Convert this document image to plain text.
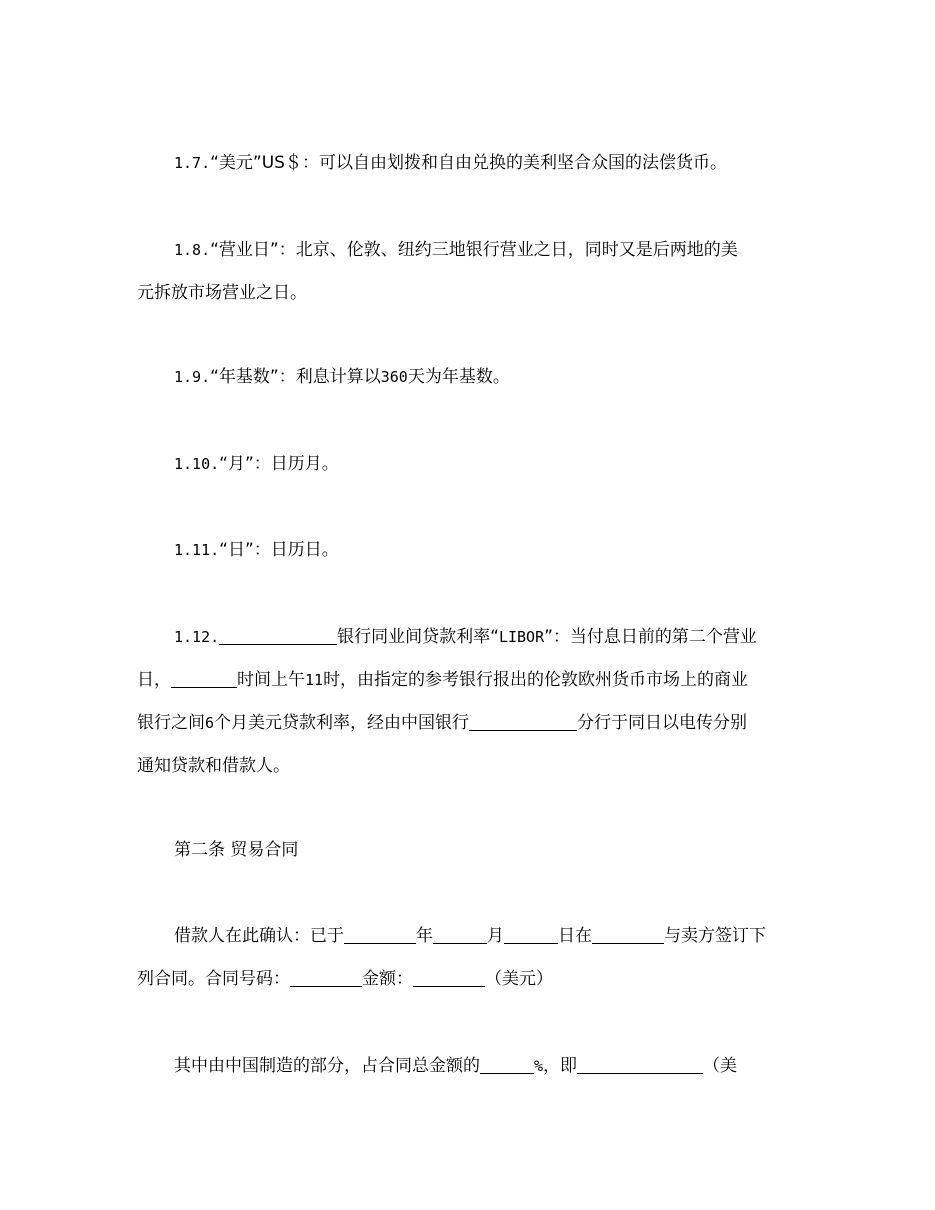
1.7.“美元”US＄：可以自由划拨和自由兑换的美利坚合众国的法偿货币。
1.8.“营业日”：北京、伦敦、纽约三地银行营业之日，同时又是后两地的美
元拆放市场营业之日。
1.9.“年基数”：利息计算以360天为年基数。
1.10.“月”：日历月。
1.11.“日”：日历日。
1.12.	银行同业间贷款利率“LIBOR”：当付息日前的第二个营业
日，	时间上午11时，由指定的参考银行报出的伦敦欧州货币市场上的商业
银行之间6个月美元贷款利率，经由中国银行	分行于同日以电传分别
通知贷款和借款人。
第二条 贸易合同
借款人在此确认：已于	年	月	日在	与卖方签订下
列合同。合同号码：	金额：	（美元）
其中由中国制造的部分，占合同总金额的	%，即	（美
